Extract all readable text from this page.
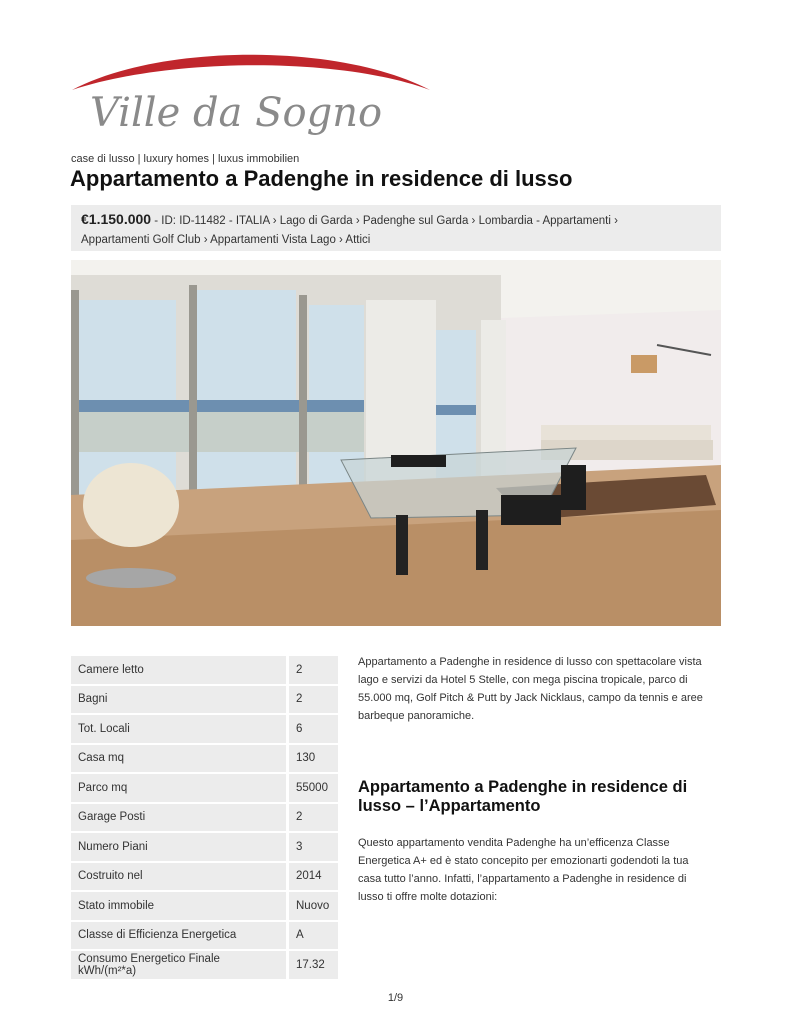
Ville da Sogno
case di lusso | luxury homes | luxus immobilien
Appartamento a Padenghe in residence di lusso
€1.150.000 - ID: ID-11482 - ITALIA › Lago di Garda › Padenghe sul Garda › Lombardia - Appartamenti ›
Appartamenti Golf Club › Appartamenti Vista Lago › Attici
Camere letto	2
Bagni	2
Tot. Locali	6
Casa mq	130
Parco mq	55000
Garage Posti	2
Numero Piani	3
Costruito nel	2014
Stato immobile	Nuovo
Classe di Efficienza Energetica	A
Consumo Energetico Finale kWh/(m²*a)	17.32

Appartamento a Padenghe in residence di lusso con spettacolare vista lago e servizi da Hotel 5 Stelle, con mega piscina tropicale, parco di 55.000 mq, Golf Pitch & Putt by Jack Nicklaus, campo da tennis e aree barbeque panoramiche.

Appartamento a Padenghe in residence di lusso – l’Appartamento

Questo appartamento vendita Padenghe ha un’efficenza Classe Energetica A+ ed è stato concepito per emozionarti godendoti la tua casa tutto l’anno. Infatti, l’appartamento a Padenghe in residence di lusso ti offre molte dotazioni:

1/9
